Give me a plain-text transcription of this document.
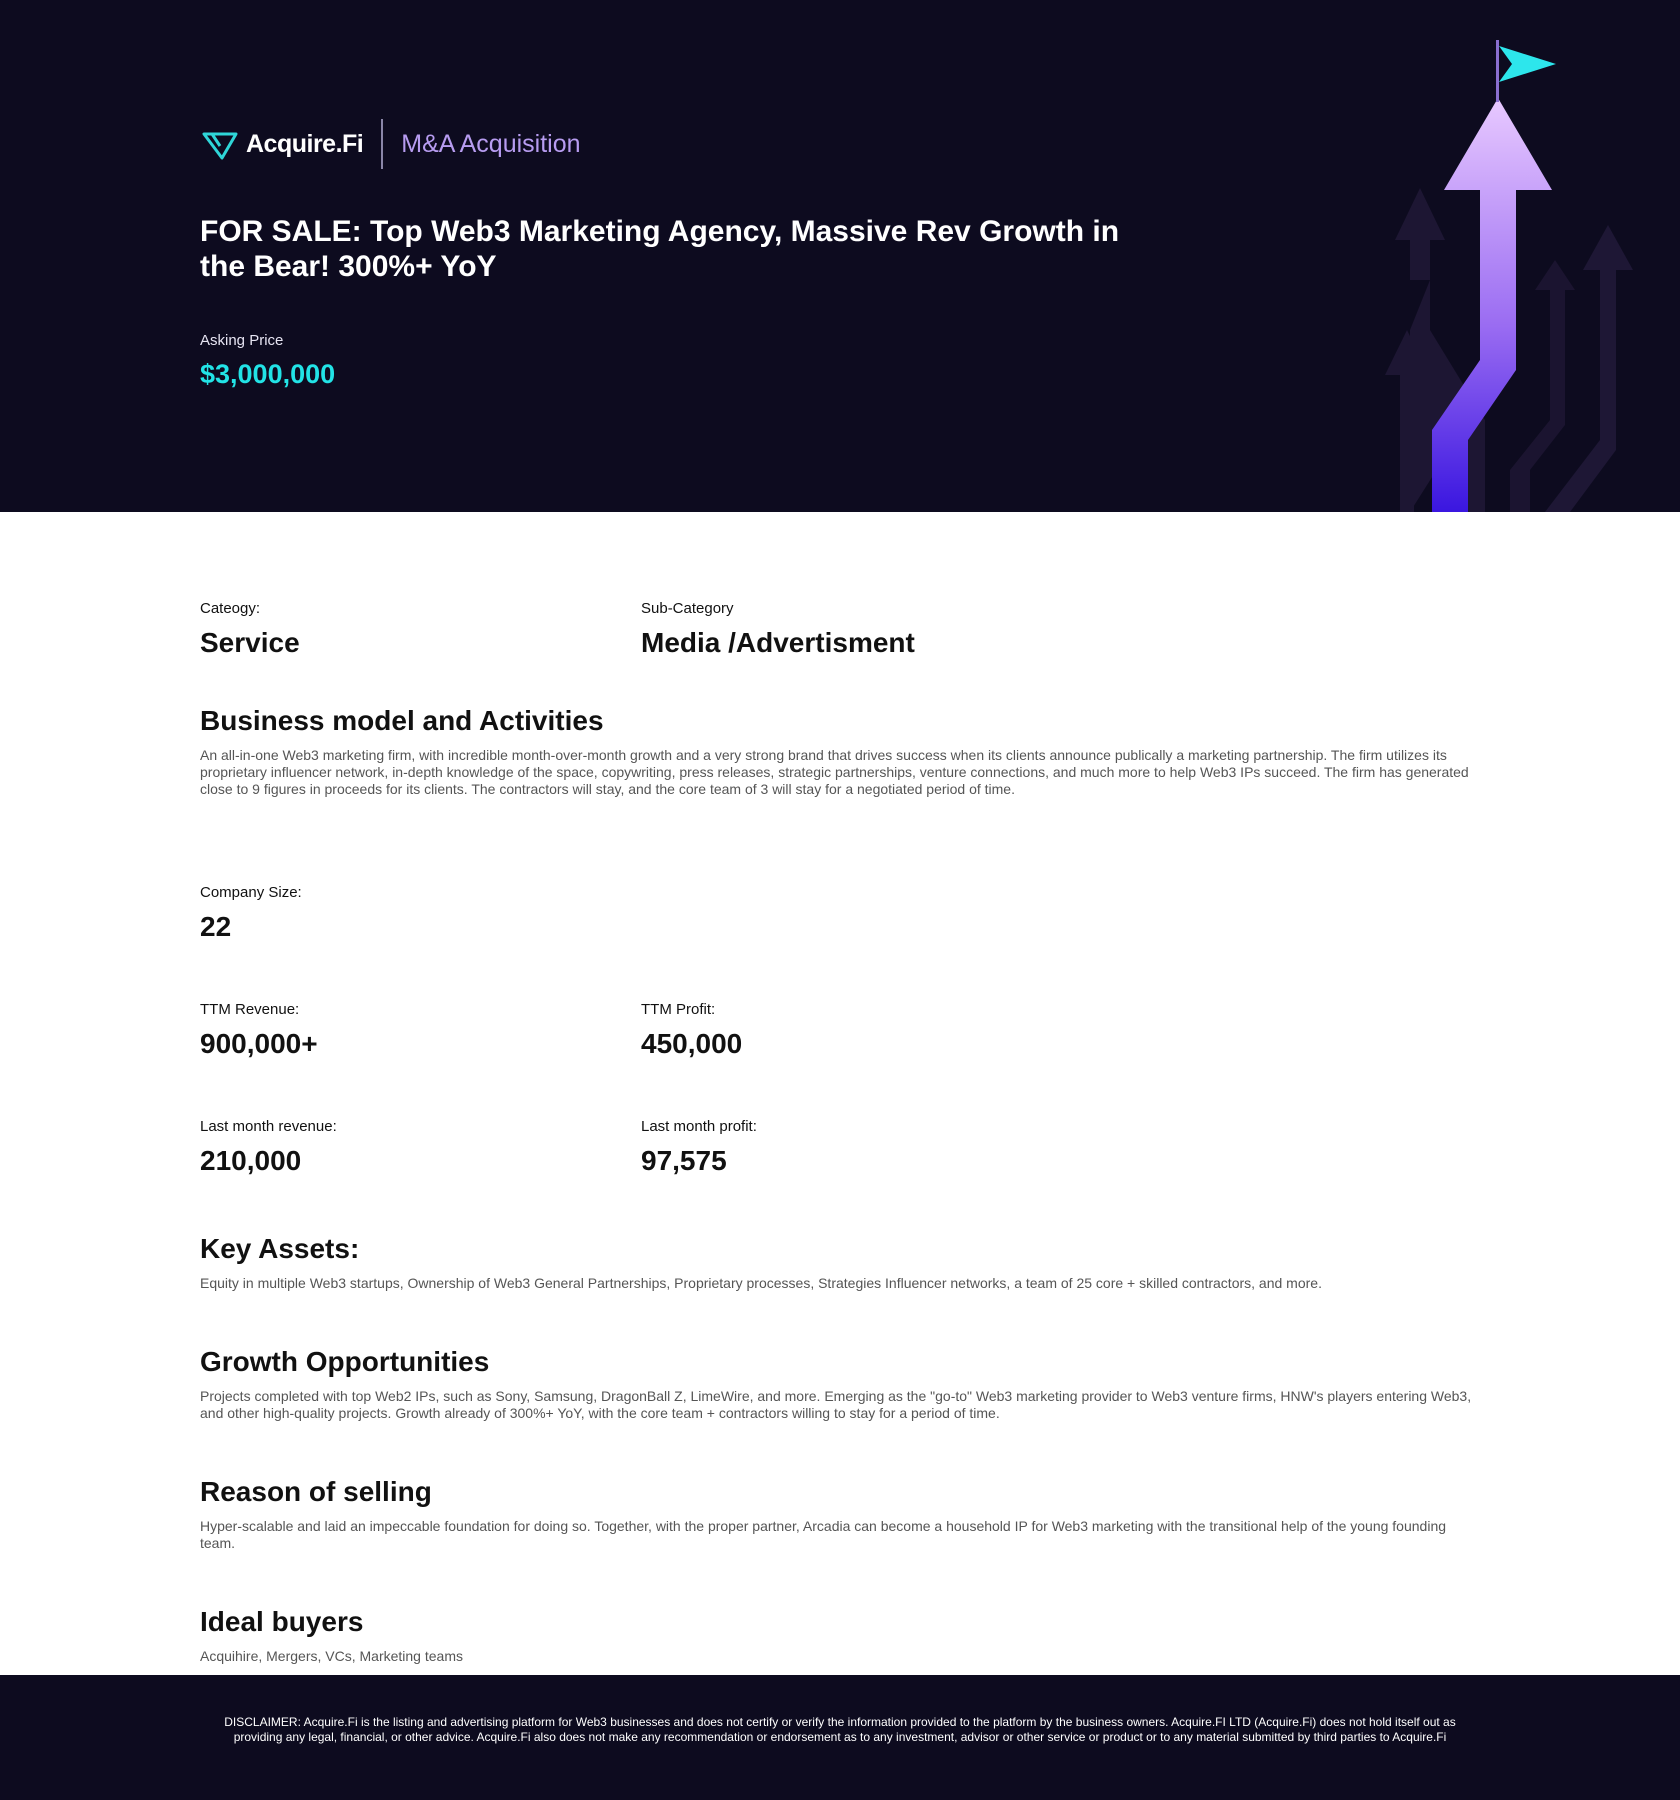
Acquire.Fi M&A Acquisition
FOR SALE: Top Web3 Marketing Agency, Massive Rev Growth in the Bear! 300%+ YoY
Asking Price
$3,000,000
Cateogy:
Service
Sub-Category
Media /Advertisment
Business model and Activities
An all-in-one Web3 marketing firm, with incredible month-over-month growth and a very strong brand that drives success when its clients announce publically a marketing partnership. The firm utilizes its proprietary influencer network, in-depth knowledge of the space, copywriting, press releases, strategic partnerships, venture connections, and much more to help Web3 IPs succeed. The firm has generated close to 9 figures in proceeds for its clients. The contractors will stay, and the core team of 3 will stay for a negotiated period of time.
Company Size:
22
TTM Revenue:
900,000+
TTM Profit:
450,000
Last month revenue:
210,000
Last month profit:
97,575
Key Assets:
Equity in multiple Web3 startups, Ownership of Web3 General Partnerships, Proprietary processes, Strategies Influencer networks, a team of 25 core + skilled contractors, and more.
Growth Opportunities
Projects completed with top Web2 IPs, such as Sony, Samsung, DragonBall Z, LimeWire, and more. Emerging as the "go-to" Web3 marketing provider to Web3 venture firms, HNW's players entering Web3, and other high-quality projects. Growth already of 300%+ YoY, with the core team + contractors willing to stay for a period of time.
Reason of selling
Hyper-scalable and laid an impeccable foundation for doing so. Together, with the proper partner, Arcadia can become a household IP for Web3 marketing with the transitional help of the young founding team.
Ideal buyers
Acquihire, Mergers, VCs, Marketing teams
DISCLAIMER: Acquire.Fi is the listing and advertising platform for Web3 businesses and does not certify or verify the information provided to the platform by the business owners. Acquire.FI LTD (Acquire.Fi) does not hold itself out as providing any legal, financial, or other advice. Acquire.Fi also does not make any recommendation or endorsement as to any investment, advisor or other service or product or to any material submitted by third parties to Acquire.Fi
